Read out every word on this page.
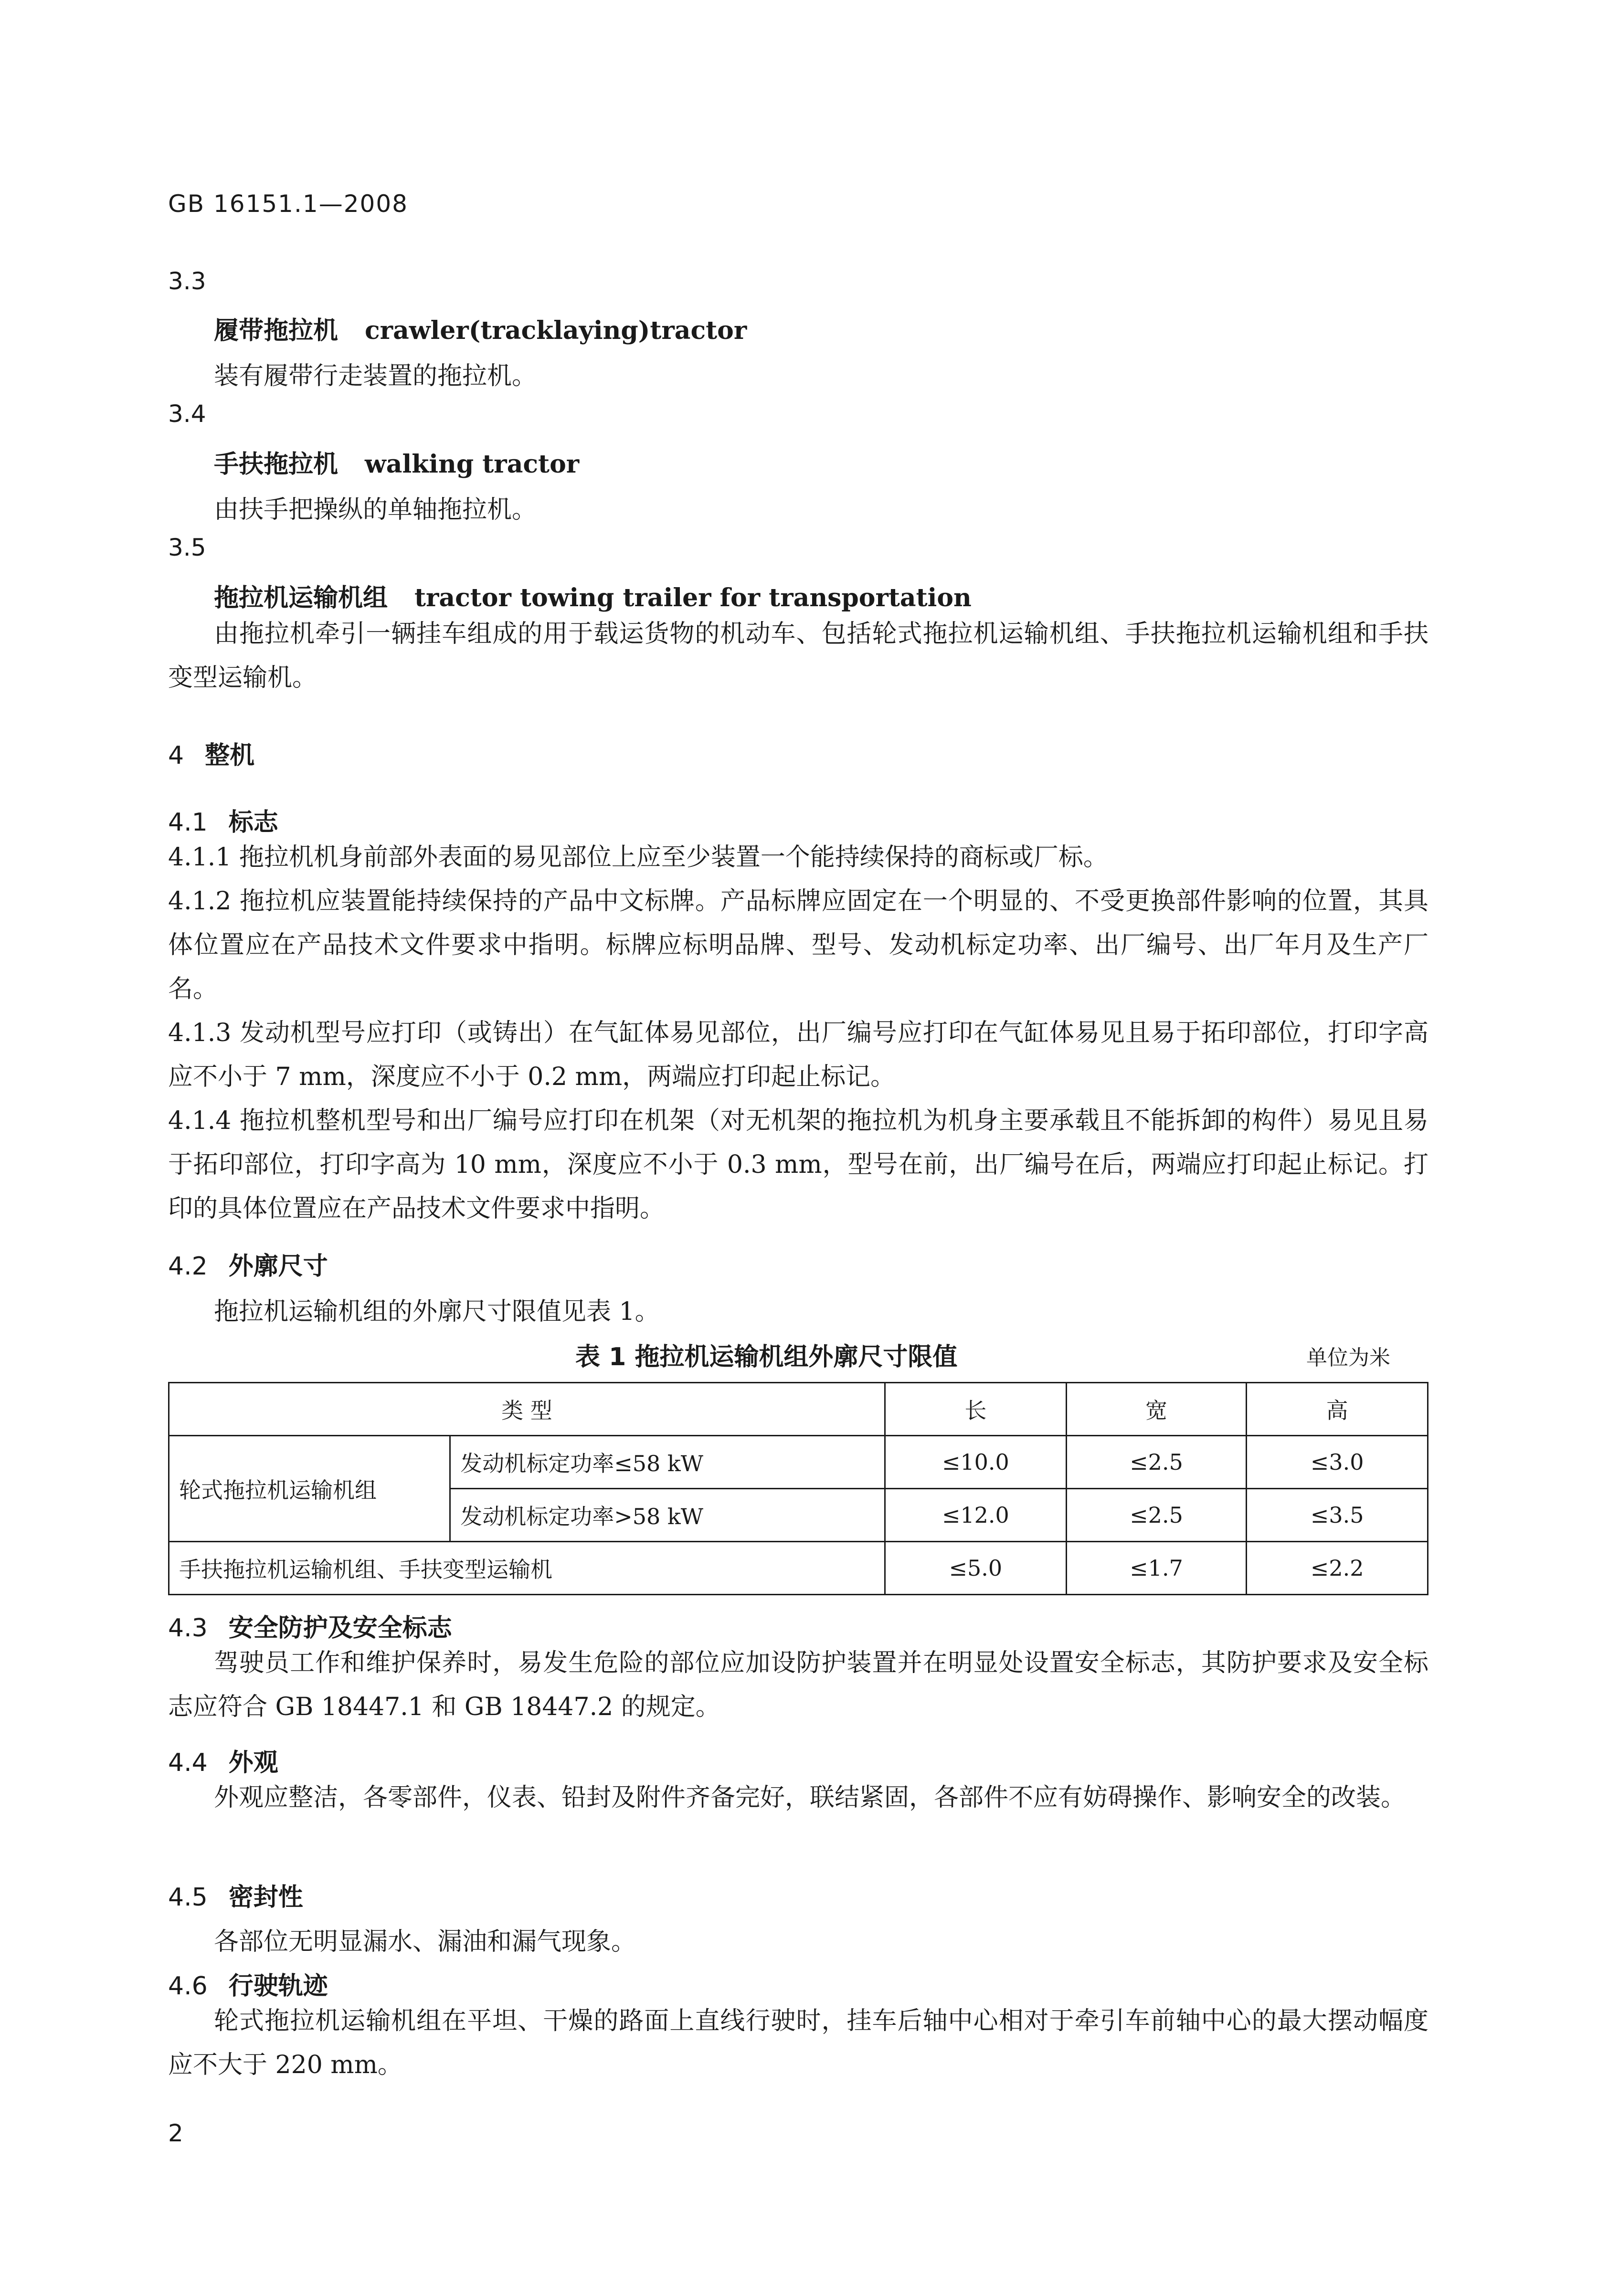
GB 16151.1—2008
3.3
履带拖拉机 crawler(tracklaying)tractor
装有履带行走装置的拖拉机。
3.4
手扶拖拉机 walking tractor
由扶手把操纵的单轴拖拉机。
3.5
拖拉机运输机组 tractor towing trailer for transportation
由拖拉机牵引一辆挂车组成的用于载运货物的机动车、包括轮式拖拉机运输机组、手扶拖拉机运输机组和手扶变型运输机。
4 整机
4.1 标志
4.1.1 拖拉机机身前部外表面的易见部位上应至少装置一个能持续保持的商标或厂标。
4.1.2 拖拉机应装置能持续保持的产品中文标牌。产品标牌应固定在一个明显的、不受更换部件影响的位置，其具体位置应在产品技术文件要求中指明。标牌应标明品牌、型号、发动机标定功率、出厂编号、出厂年月及生产厂名。
4.1.3 发动机型号应打印（或铸出）在气缸体易见部位，出厂编号应打印在气缸体易见且易于拓印部位，打印字高应不小于 7 mm，深度应不小于 0.2 mm，两端应打印起止标记。
4.1.4 拖拉机整机型号和出厂编号应打印在机架（对无机架的拖拉机为机身主要承载且不能拆卸的构件）易见且易于拓印部位，打印字高为 10 mm，深度应不小于 0.3 mm，型号在前，出厂编号在后，两端应打印起止标记。打印的具体位置应在产品技术文件要求中指明。
4.2 外廓尺寸
拖拉机运输机组的外廓尺寸限值见表 1。
表 1 拖拉机运输机组外廓尺寸限值	单位为米
类 型		长	宽	高
轮式拖拉机运输机组	发动机标定功率≤58 kW	≤10.0	≤2.5	≤3.0
	发动机标定功率>58 kW	≤12.0	≤2.5	≤3.5
手扶拖拉机运输机组、手扶变型运输机		≤5.0	≤1.7	≤2.2
4.3 安全防护及安全标志
驾驶员工作和维护保养时，易发生危险的部位应加设防护装置并在明显处设置安全标志，其防护要求及安全标志应符合 GB 18447.1 和 GB 18447.2 的规定。
4.4 外观
外观应整洁，各零部件，仪表、铅封及附件齐备完好，联结紧固，各部件不应有妨碍操作、影响安全的改装。
4.5 密封性
各部位无明显漏水、漏油和漏气现象。
4.6 行驶轨迹
轮式拖拉机运输机组在平坦、干燥的路面上直线行驶时，挂车后轴中心相对于牵引车前轴中心的最大摆动幅度应不大于 220 mm。
2
